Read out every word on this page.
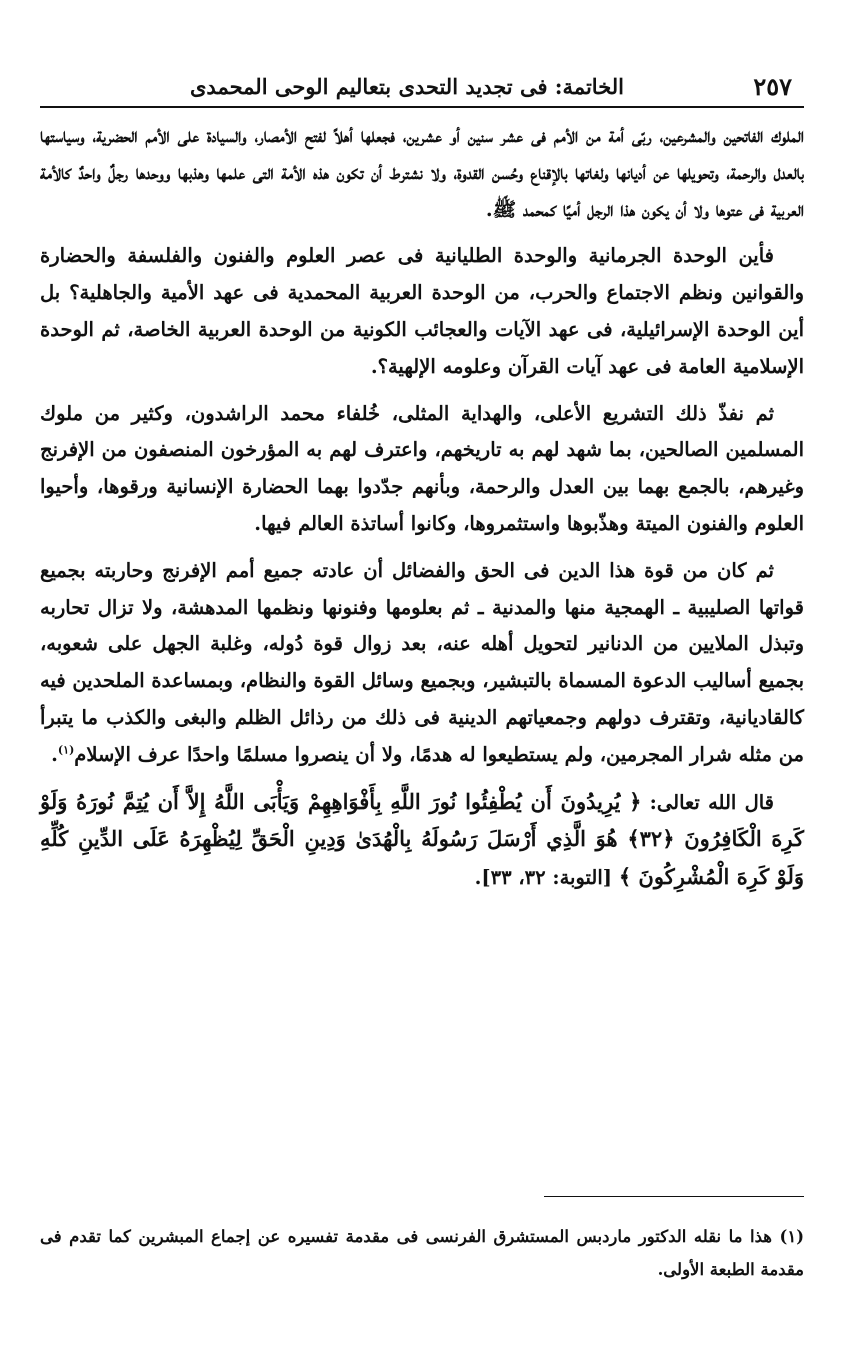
٢٥٧
الخاتمة: فى تجديد التحدى بتعاليم الوحى المحمدى

الملوك الفاتحين والمشرعين، ربّى أمة من الأمم فى عشر سنين أو عشرين، فجعلها أهلاً لفتح الأمصار، والسيادة على الأمم الحضرية، وسياستها بالعدل والرحمة، وتحويلها عن أديانها ولغاتها بالإقناع وحُسن القدوة، ولا نشترط أن تكون هذه الأمة التى علمها وهذبها ووحدها رجلٌ واحدٌ كالأمة العربية فى عتوها ولا أن يكون هذا الرجل أميًا كمحمد ﷺ.

فأين الوحدة الجرمانية والوحدة الطليانية فى عصر العلوم والفنون والفلسفة والحضارة والقوانين ونظم الاجتماع والحرب، من الوحدة العربية المحمدية فى عهد الأمية والجاهلية؟ بل أين الوحدة الإسرائيلية، فى عهد الآيات والعجائب الكونية من الوحدة العربية الخاصة، ثم الوحدة الإسلامية العامة فى عهد آيات القرآن وعلومه الإلهية؟.

ثم نفذّ ذلك التشريع الأعلى، والهداية المثلى، خُلفاء محمد الراشدون، وكثير من ملوك المسلمين الصالحين، بما شهد لهم به تاريخهم، واعترف لهم به المؤرخون المنصفون من الإفرنج وغيرهم، بالجمع بهما بين العدل والرحمة، وبأنهم جدّدوا بهما الحضارة الإنسانية ورقوها، وأحيوا العلوم والفنون الميتة وهذّبوها واستثمروها، وكانوا أساتذة العالم فيها.

ثم كان من قوة هذا الدين فى الحق والفضائل أن عادته جميع أمم الإفرنج وحاربته بجميع قواتها الصليبية ـ الهمجية منها والمدنية ـ ثم بعلومها وفنونها ونظمها المدهشة، ولا تزال تحاربه وتبذل الملايين من الدنانير لتحويل أهله عنه، بعد زوال قوة دُوله، وغلبة الجهل على شعوبه، بجميع أساليب الدعوة المسماة بالتبشير، وبجميع وسائل القوة والنظام، وبمساعدة الملحدين فيه كالقاديانية، وتقترف دولهم وجمعياتهم الدينية فى ذلك من رذائل الظلم والبغى والكذب ما يتبرأ من مثله شرار المجرمين، ولم يستطيعوا له هدمًا، ولا أن ينصروا مسلمًا واحدًا عرف الإسلام$^{(١)}$.

قال الله تعالى: ﴿ يُرِيدُونَ أَن يُطْفِئُوا نُورَ اللَّهِ بِأَفْوَاهِهِمْ وَيَأْبَى اللَّهُ إِلاَّ أَن يُتِمَّ نُورَهُ وَلَوْ كَرِهَ الْكَافِرُونَ ﴿٣٢﴾ هُوَ الَّذِي أَرْسَلَ رَسُولَهُ بِالْهُدَىٰ وَدِينِ الْحَقِّ لِيُظْهِرَهُ عَلَى الدِّينِ كُلِّهِ وَلَوْ كَرِهَ الْمُشْرِكُونَ ﴾ [التوبة: ٣٢، ٣٣].

(١) هذا ما نقله الدكتور ماردبس المستشرق الفرنسى فى مقدمة تفسيره عن إجماع المبشرين كما تقدم فى مقدمة الطبعة الأولى.
